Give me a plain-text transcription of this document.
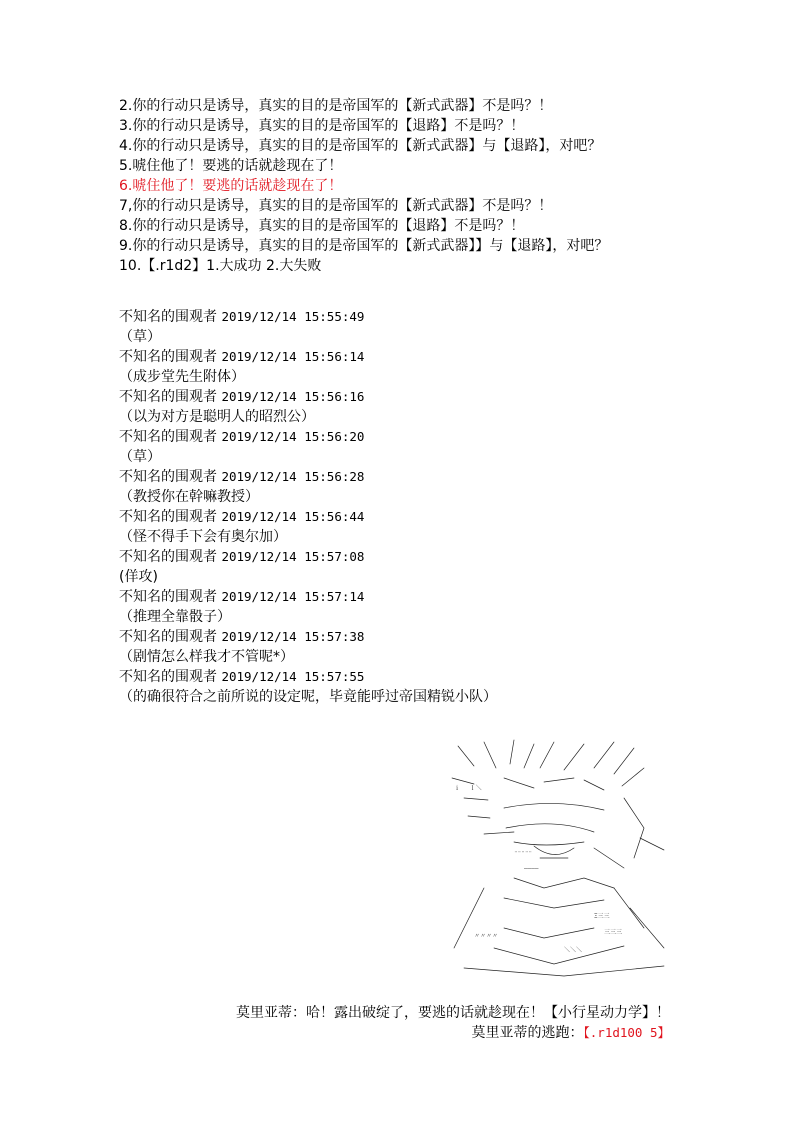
2.你的行动只是诱导，真实的目的是帝国军的【新式武器】不是吗？！
3.你的行动只是诱导，真实的目的是帝国军的【退路】不是吗？！
4.你的行动只是诱导，真实的目的是帝国军的【新式武器】与【退路】，对吧？
5.唬住他了！要逃的话就趁现在了！
6.唬住他了！要逃的话就趁现在了！
7,你的行动只是诱导，真实的目的是帝国军的【新式武器】不是吗？！
8.你的行动只是诱导，真实的目的是帝国军的【退路】不是吗？！
9.你的行动只是诱导，真实的目的是帝国军的【新式武器】】与【退路】，对吧？
10.【.r1d2】1.大成功 2.大失败
不知名的围观者 2019/12/14 15:55:49
（草）
不知名的围观者 2019/12/14 15:56:14
（成步堂先生附体）
不知名的围观者 2019/12/14 15:56:16
（以为对方是聪明人的昭烈公）
不知名的围观者 2019/12/14 15:56:20
（草）
不知名的围观者 2019/12/14 15:56:28
（教授你在幹嘛教授）
不知名的围观者 2019/12/14 15:56:44
（怪不得手下会有奥尔加）
不知名的围观者 2019/12/14 15:57:08
(佯攻)
不知名的围观者 2019/12/14 15:57:14
（推理全靠骰子）
不知名的围观者 2019/12/14 15:57:38
（剧情怎么样我才不管呢*）
不知名的围观者 2019/12/14 15:57:55
（的确很符合之前所说的设定呢，毕竟能呼过帝国精锐小队）
ｉ　 ｌ＼　
¨¨¨¨¨
――――
Ξ三三
三三三
〃〃〃〃
＼＼＼

莫里亚蒂：哈！露出破绽了，要逃的话就趁现在！【小行星动力学】！

莫里亚蒂的逃跑：【.r1d100 5】
